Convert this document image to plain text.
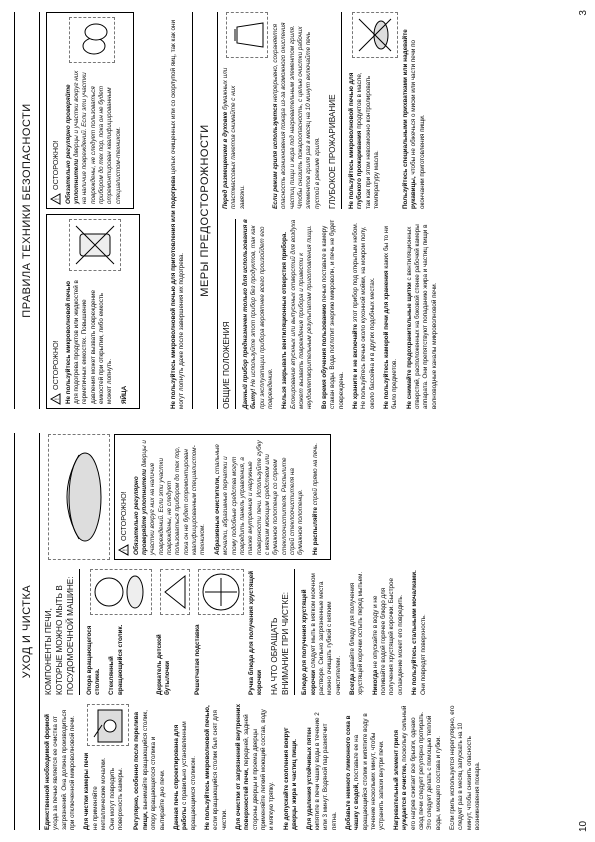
УХОД И ЧИСТКА

Единственной необходимой формой ухода за печью является ее очистка от загрязнений. Она должна производиться при отключенной микроволновой печи. Для чистки камеры печи не применяйте металлические мочалки. Они могут повредить поверхность камеры. Регулярно, особенно после перелива пищи, вынимайте вращающийся столик, опору вращающегося столика и вытирайте дно печи. Данная печь спроектирована для работы с правильно установленным вращающимся столиком. Не пользуйтесь микроволновой печью, если вращающийся столик был снят для чистки. Для очистки от загрязнений внутренних поверхностей печи, передней, задней стороны дверцы и проема дверцы применяйте легкий моющий состав, воду и мягкую тряпку. Не допускайте скопления вокруг дверцы жира и частиц пищи. Для удаления устойчивых пятен кипятите в печи чашку воды в течение 2 или 3 минут. Водяной пар размягчит пятна. Добавьте немного лимонного сока в чашку с водой, поставьте ее на вращающийся столик и кипятите воду в течение нескольких минут, чтобы устранить запахи внутри печи. Нагревательный элемент гриля нуждается в очистке, поскольку сильный его нагрев сжигает все брызги, однако свод печи следует регулярно протирать. Это следует делать с помощью теплой воды, моющего состава и губки. Если гриль используется нерегулярно, его следует раз в месяц запускать на 10 минут, чтобы снизить опасность возникновения пожара.

КОМПОНЕНТЫ ПЕЧИ, КОТОРЫЕ МОЖНО МЫТЬ В ПОСУДОМОЕЧНОЙ МАШИНЕ:	Опора вращающегося столика. Стеклянный вращающийся столик.	Держатель детской бутылочки	Решетчатая подставка	Ручка блюда для получения хрустящей корочки НА ЧТО ОБРАЩАТЬ ВНИМАНИЕ ПРИ ЧИСТКЕ:	Блюдо для получения хрустящей корочки следует мыть в мягком моечном растворе. Сильно загрязненные места можно очищать губкой с мягким очистителем. Всегда давайте блюду для получения хрустящей корочки остыть перед мытьем. Никогда не опускайте в воду и не поливайте водой горячее блюдо для получения хрустящей корочки. Быстрое охлаждение может его повредить. Не пользуйтесь стальными мочалками. Они повредят поверхность.

!
ОСТОРОЖНО! Обязательно регулярно проверяйте уплотнители дверцы и участки вокруг них на наличие повреждений. Если эти участки повреждены, не следует пользоваться прибором до тех пор, пока он не будет отремонтирован квалифицированным специалистом-техником. Абразивные очистители, стальные мочалки, абразивные перчатки и тому подобные средства могут повредить панель управления, а также внутренние и наружные поверхности печи. Используйте губку с мягким моющим средством или бумажное полотенце со спреем стеклоочистителя. Распылите спрей стеклоочистителя на бумажное полотенце. Не распыляйте спрей прямо на печь.

10
ПРАВИЛА ТЕХНИКИ БЕЗОПАСНОСТИ
!
ОСТОРОЖНО! Не пользуйтесь микроволновой печью для подогрева продуктов или жидкостей в герметичных емкостях. Повышение давления может вызвать повреждение емкостей при открытии, либо емкость может лопнуть. ЯЙЦА

!
ОСТОРОЖНО! Обязательно регулярно проверяйте уплотнители дверцы и участки вокруг них на наличие повреждений. Если эти участки повреждены, не следует пользоваться прибором до тех пор, пока он не будет отремонтирован квалифицированным специалистом-техником.

Не пользуйтесь микроволновой печью для приготовления или подогрева целых очищенных или со скорлупой яиц, так как они могут лопнуть даже после завершения их подогрева.
МЕРЫ ПРЕДОСТОРОЖНОСТИ

ОБЩИЕ ПОЛОЖЕНИЯ	Данный прибор предназначен только для использования в быту! Не используйте этот прибор без продуктов, так как при эксплуатации прибора вероятнее всего произойдет его повреждение. Нельзя закрывать вентиляционные отверстия прибора. Блокирование впускных или выпускных отверстий для воздуха может вызвать повреждение прибора и привести к неудовлетворительным результатам приготовления пищи. Во время обучения пользованию печью поставьте в камеру стакан воды. Вода поглотит энергию микроволн, и печь не будет повреждена. Не храните и не включайте этот прибор под открытым небом. Не пользуйтесь печью около кухонной мойки, на мокром полу, около бассейна и в других подобных местах. Не пользуйтесь камерой печи для хранения каких бы то ни было предметов. Не снимайте предохранительные щитки с вентиляционных отверстий, расположенных на боковой стенке рабочей камеры аппарата. Они препятствуют попаданию жира и частиц пищи в волноводные каналы микроволновой печи.

Перед размещением в духовке бумажных или пластмассовых пакетов снимайте с них завязки.	Если режим гриля используется непрерывно, сохраняется опасность возникновения пожара из-за возможного окисления частиц пищи и жира под нагревательным элементом гриля. Чтобы снизить пожароопасность, с целью очистки рабочих элементов гриля раз в месяц на 10 минут включайте печь пустой в режиме гриля. ГЛУБОКОЕ ПРОЖАРИВАНИЕ	Не пользуйтесь микроволновой печью для глубокого прожаривания продуктов в масле, так как при этом невозможно контролировать температуру масла.	Пользуйтесь специальными прихватками или надевайте рукавицы, чтобы не обжечься о миски или части печи по окончании приготовления пищи.

3
